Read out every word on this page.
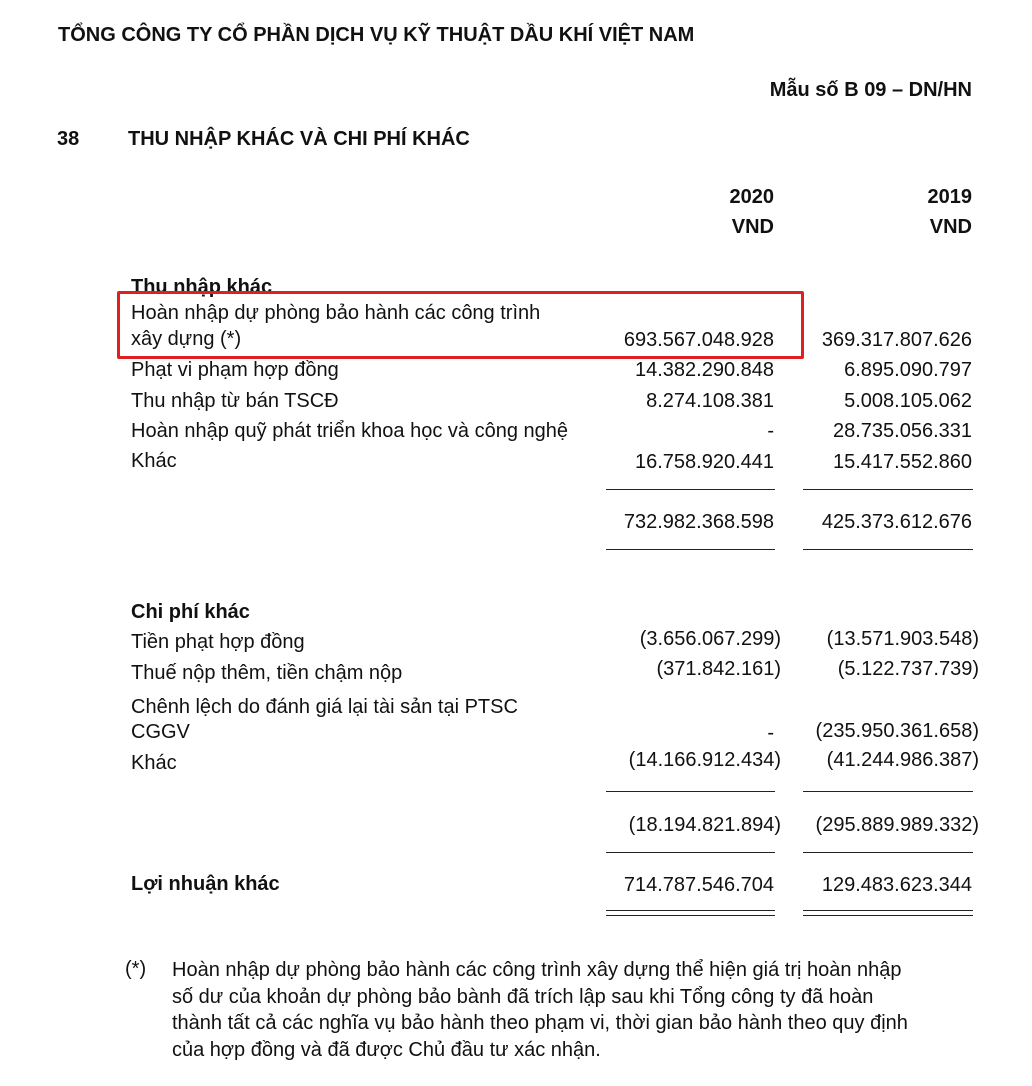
TỔNG CÔNG TY CỔ PHẦN DỊCH VỤ KỸ THUẬT DẦU KHÍ VIỆT NAM
Mẫu số B 09 – DN/HN
38 THU NHẬP KHÁC VÀ CHI PHÍ KHÁC
2020	2019
VND	VND
Thu nhập khác
Hoàn nhập dự phòng bảo hành các công trình
xây dựng (*)	693.567.048.928 369.317.807.626
Phạt vi phạm hợp đồng	14.382.290.848	6.895.090.797
Thu nhập từ bán TSCĐ	8.274.108.381	5.008.105.062
Hoàn nhập quỹ phát triển khoa học và công nghệ	-	28.735.056.331
Khác	16.758.920.441	15.417.552.860
732.982.368.598 425.373.612.676
Chi phí khác
Tiền phạt hợp đồng	(3.656.067.299) (13.571.903.548)
Thuế nộp thêm, tiền chậm nộp	(371.842.161)	(5.122.737.739)
Chênh lệch do đánh giá lại tài sản tại PTSC
CGGV	- (235.950.361.658)
Khác	(14.166.912.434) (41.244.986.387)
(18.194.821.894) (295.889.989.332)
Lợi nhuận khác	714.787.546.704 129.483.623.344
(*) Hoàn nhập dự phòng bảo hành các công trình xây dựng thể hiện giá trị hoàn nhập
số dư của khoản dự phòng bảo bành đã trích lập sau khi Tổng công ty đã hoàn
thành tất cả các nghĩa vụ bảo hành theo phạm vi, thời gian bảo hành theo quy định
của hợp đồng và đã được Chủ đầu tư xác nhận.
